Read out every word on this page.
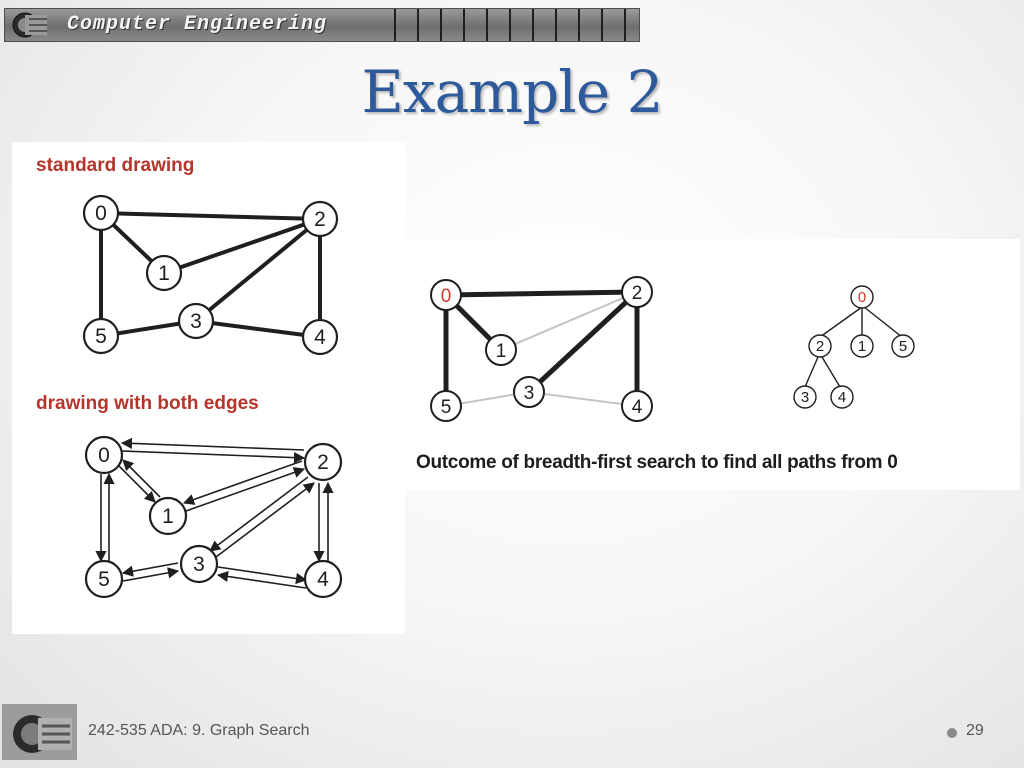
Computer Engineering
Example 2
standard drawing
drawing with both edges
0
1
2
3
4
5
0
1
2
3
4
5
0
1
2
3
4
5
0
2 1 5
3 4
Outcome of breadth-first search to find all paths from 0
242-535 ADA: 9. Graph Search	29
